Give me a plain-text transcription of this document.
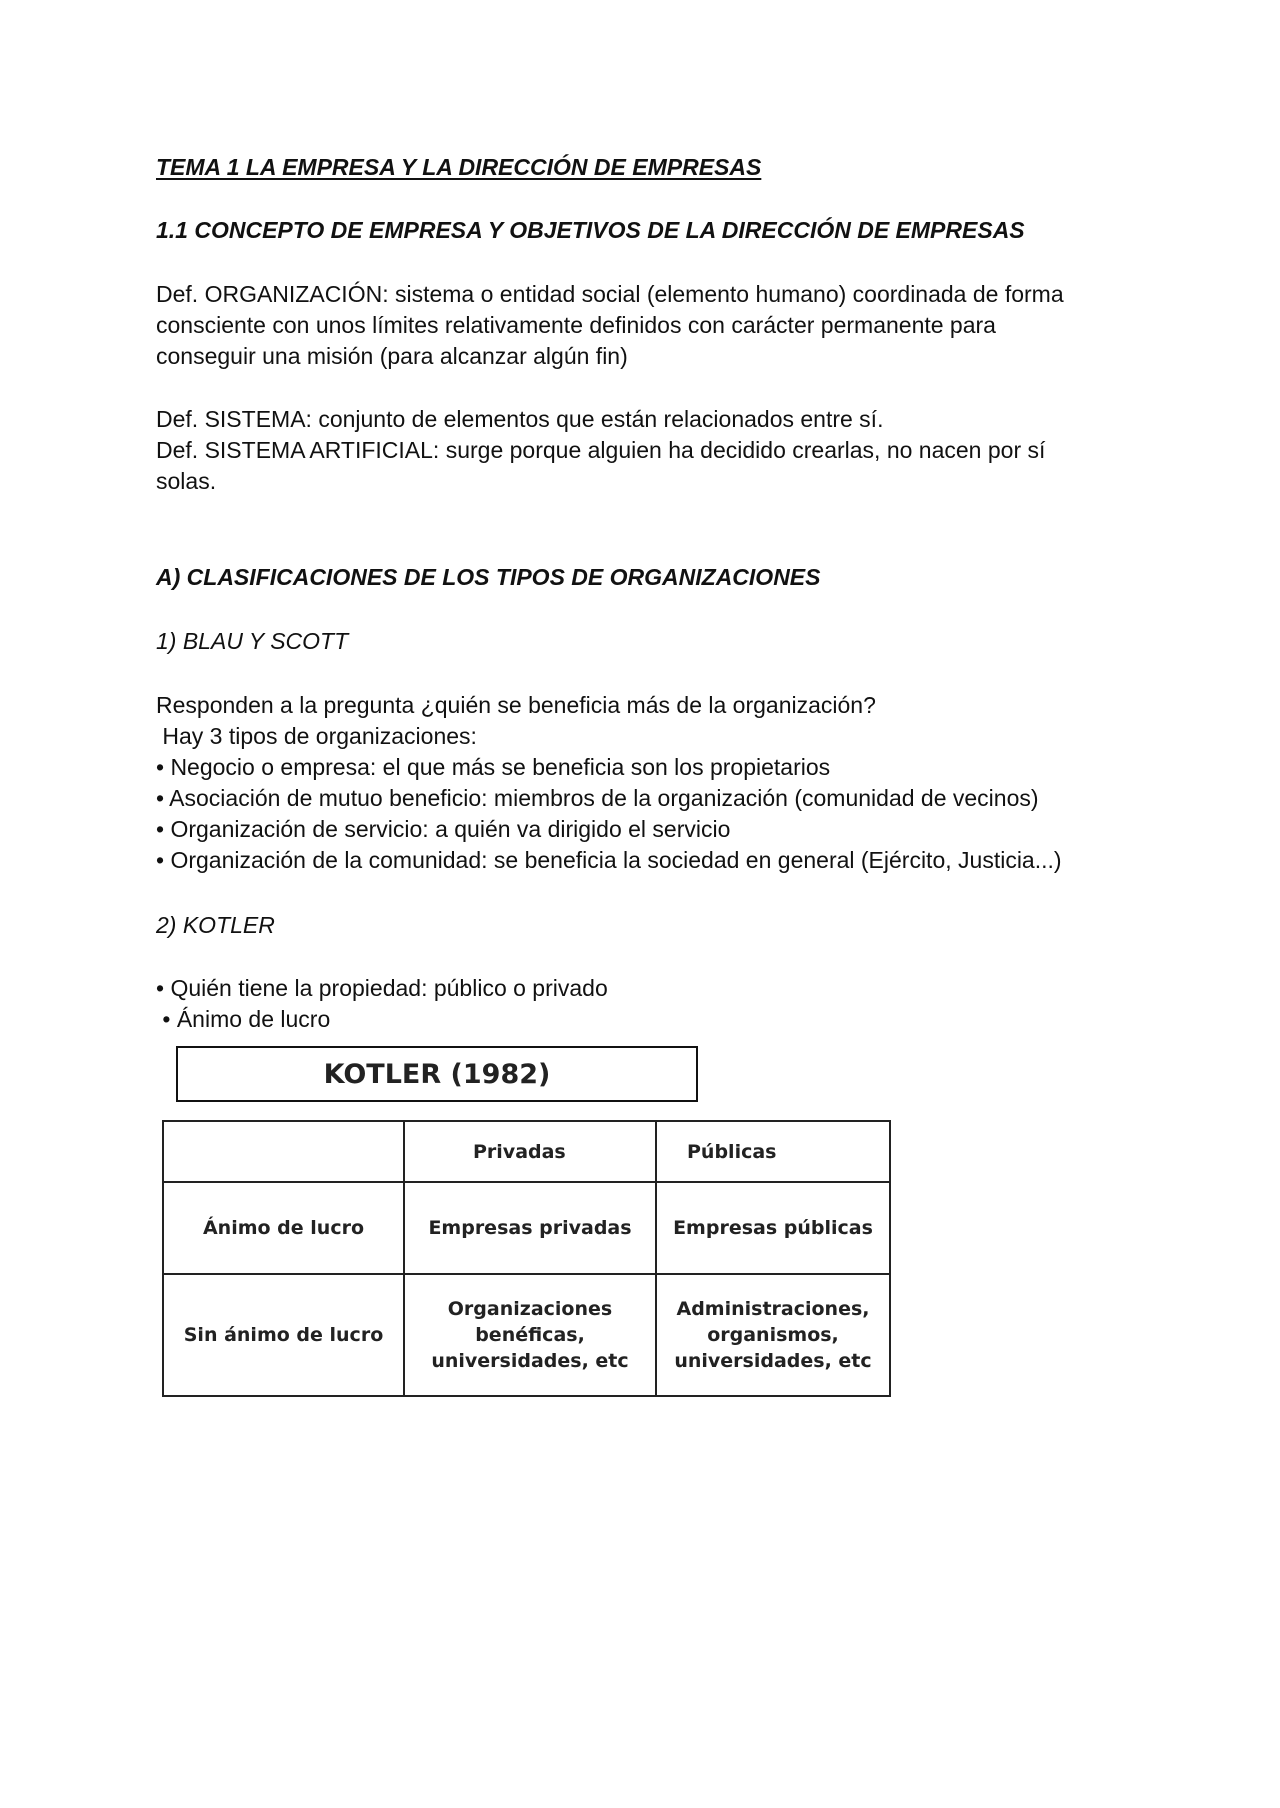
TEMA 1 LA EMPRESA Y LA DIRECCIÓN DE EMPRESAS

1.1 CONCEPTO DE EMPRESA Y OBJETIVOS DE LA DIRECCIÓN DE EMPRESAS

Def. ORGANIZACIÓN: sistema o entidad social (elemento humano) coordinada de forma
consciente con unos límites relativamente definidos con carácter permanente para
conseguir una misión (para alcanzar algún fin)
Def. SISTEMA: conjunto de elementos que están relacionados entre sí.
Def. SISTEMA ARTIFICIAL: surge porque alguien ha decidido crearlas, no nacen por sí
solas.

A) CLASIFICACIONES DE LOS TIPOS DE ORGANIZACIONES

1) BLAU Y SCOTT

Responden a la pregunta ¿quién se beneficia más de la organización?
Hay 3 tipos de organizaciones:
• Negocio o empresa: el que más se beneficia son los propietarios
• Asociación de mutuo beneficio: miembros de la organización (comunidad de vecinos)
• Organización de servicio: a quién va dirigido el servicio
• Organización de la comunidad: se beneficia la sociedad en general (Ejército, Justicia...)

2) KOTLER

• Quién tiene la propiedad: público o privado
• Ánimo de lucro
KOTLER (1982)
	Privadas	Públicas
Ánimo de lucro	Empresas privadas	Empresas públicas
Sin ánimo de lucro	Organizaciones
benéficas,
universidades, etc	Administraciones,
organismos,
universidades, etc
